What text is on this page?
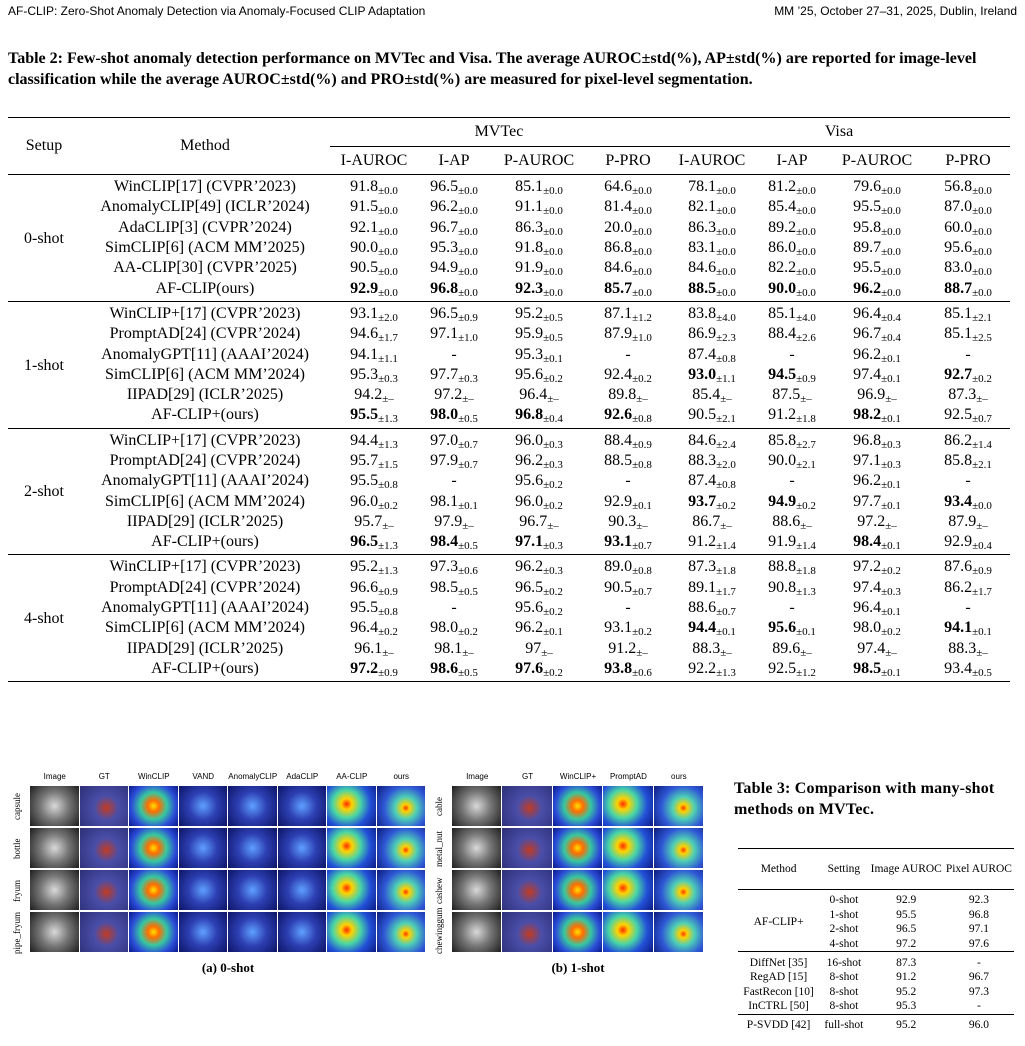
AF-CLIP: Zero-Shot Anomaly Detection via Anomaly-Focused CLIP Adaptation	MM ’25, October 27–31, 2025, Dublin, Ireland
Table 2: Few-shot anomaly detection performance on MVTec and Visa. The average AUROC±std(%), AP±std(%) are reported for image-level classification while the average AUROC±std(%) and PRO±std(%) are measured for pixel-level segmentation.
Setup	Method	MVTec				Visa			
		I-AUROC	I-AP	P-AUROC	P-PRO	I-AUROC	I-AP	P-AUROC	P-PRO
0-shot	WinCLIP[17] (CVPR’2023)	$91.8_{\pm 0.0}$	$96.5_{\pm 0.0}$	$85.1_{\pm 0.0}$	$64.6_{\pm 0.0}$	$78.1_{\pm 0.0}$	$81.2_{\pm 0.0}$	$79.6_{\pm 0.0}$	$56.8_{\pm 0.0}$
	AnomalyCLIP[49] (ICLR’2024)	$91.5_{\pm 0.0}$	$96.2_{\pm 0.0}$	$91.1_{\pm 0.0}$	$81.4_{\pm 0.0}$	$82.1_{\pm 0.0}$	$85.4_{\pm 0.0}$	$95.5_{\pm 0.0}$	$87.0_{\pm 0.0}$
	AdaCLIP[3] (CVPR’2024)	$92.1_{\pm 0.0}$	$96.7_{\pm 0.0}$	$86.3_{\pm 0.0}$	$20.0_{\pm 0.0}$	$86.3_{\pm 0.0}$	$89.2_{\pm 0.0}$	$95.8_{\pm 0.0}$	$60.0_{\pm 0.0}$
	SimCLIP[6] (ACM MM’2025)	$90.0_{\pm 0.0}$	$95.3_{\pm 0.0}$	$91.8_{\pm 0.0}$	$86.8_{\pm 0.0}$	$83.1_{\pm 0.0}$	$86.0_{\pm 0.0}$	$89.7_{\pm 0.0}$	$95.6_{\pm 0.0}$
	AA-CLIP[30] (CVPR’2025)	$90.5_{\pm 0.0}$	$94.9_{\pm 0.0}$	$91.9_{\pm 0.0}$	$84.6_{\pm 0.0}$	$84.6_{\pm 0.0}$	$82.2_{\pm 0.0}$	$95.5_{\pm 0.0}$	$83.0_{\pm 0.0}$
	AF-CLIP(ours)	$92.9_{\pm 0.0}$	$96.8_{\pm 0.0}$	$92.3_{\pm 0.0}$	$85.7_{\pm 0.0}$	$88.5_{\pm 0.0}$	$90.0_{\pm 0.0}$	$96.2_{\pm 0.0}$	$88.7_{\pm 0.0}$
1-shot	WinCLIP+[17] (CVPR’2023)	$93.1_{\pm 2.0}$	$96.5_{\pm 0.9}$	$95.2_{\pm 0.5}$	$87.1_{\pm 1.2}$	$83.8_{\pm 4.0}$	$85.1_{\pm 4.0}$	$96.4_{\pm 0.4}$	$85.1_{\pm 2.1}$
	PromptAD[24] (CVPR’2024)	$94.6_{\pm 1.7}$	$97.1_{\pm 1.0}$	$95.9_{\pm 0.5}$	$87.9_{\pm 1.0}$	$86.9_{\pm 2.3}$	$88.4_{\pm 2.6}$	$96.7_{\pm 0.4}$	$85.1_{\pm 2.5}$
	AnomalyGPT[11] (AAAI’2024)	$94.1_{\pm 1.1}$	-	$95.3_{\pm 0.1}$	-	$87.4_{\pm 0.8}$	-	$96.2_{\pm 0.1}$	-
	SimCLIP[6] (ACM MM’2024)	$95.3_{\pm 0.3}$	$97.7_{\pm 0.3}$	$95.6_{\pm 0.2}$	$92.4_{\pm 0.2}$	$93.0_{\pm 1.1}$	$94.5_{\pm 0.9}$	$97.4_{\pm 0.1}$	$92.7_{\pm 0.2}$
	IIPAD[29] (ICLR’2025)	$94.2_{\pm-}$	$97.2_{\pm-}$	$96.4_{\pm-}$	$89.8_{\pm-}$	$85.4_{\pm-}$	$87.5_{\pm-}$	$96.9_{\pm-}$	$87.3_{\pm-}$
	AF-CLIP+(ours)	$95.5_{\pm 1.3}$	$98.0_{\pm 0.5}$	$96.8_{\pm 0.4}$	$92.6_{\pm 0.8}$	$90.5_{\pm 2.1}$	$91.2_{\pm 1.8}$	$98.2_{\pm 0.1}$	$92.5_{\pm 0.7}$
2-shot	WinCLIP+[17] (CVPR’2023)	$94.4_{\pm 1.3}$	$97.0_{\pm 0.7}$	$96.0_{\pm 0.3}$	$88.4_{\pm 0.9}$	$84.6_{\pm 2.4}$	$85.8_{\pm 2.7}$	$96.8_{\pm 0.3}$	$86.2_{\pm 1.4}$
	PromptAD[24] (CVPR’2024)	$95.7_{\pm 1.5}$	$97.9_{\pm 0.7}$	$96.2_{\pm 0.3}$	$88.5_{\pm 0.8}$	$88.3_{\pm 2.0}$	$90.0_{\pm 2.1}$	$97.1_{\pm 0.3}$	$85.8_{\pm 2.1}$
	AnomalyGPT[11] (AAAI’2024)	$95.5_{\pm 0.8}$	-	$95.6_{\pm 0.2}$	-	$87.4_{\pm 0.8}$	-	$96.2_{\pm 0.1}$	-
	SimCLIP[6] (ACM MM’2024)	$96.0_{\pm 0.2}$	$98.1_{\pm 0.1}$	$96.0_{\pm 0.2}$	$92.9_{\pm 0.1}$	$93.7_{\pm 0.2}$	$94.9_{\pm 0.2}$	$97.7_{\pm 0.1}$	$93.4_{\pm 0.0}$
	IIPAD[29] (ICLR’2025)	$95.7_{\pm-}$	$97.9_{\pm-}$	$96.7_{\pm-}$	$90.3_{\pm-}$	$86.7_{\pm-}$	$88.6_{\pm-}$	$97.2_{\pm-}$	$87.9_{\pm-}$
	AF-CLIP+(ours)	$96.5_{\pm 1.3}$	$98.4_{\pm 0.5}$	$97.1_{\pm 0.3}$	$93.1_{\pm 0.7}$	$91.2_{\pm 1.4}$	$91.9_{\pm 1.4}$	$98.4_{\pm 0.1}$	$92.9_{\pm 0.4}$
4-shot	WinCLIP+[17] (CVPR’2023)	$95.2_{\pm 1.3}$	$97.3_{\pm 0.6}$	$96.2_{\pm 0.3}$	$89.0_{\pm 0.8}$	$87.3_{\pm 1.8}$	$88.8_{\pm 1.8}$	$97.2_{\pm 0.2}$	$87.6_{\pm 0.9}$
	PromptAD[24] (CVPR’2024)	$96.6_{\pm 0.9}$	$98.5_{\pm 0.5}$	$96.5_{\pm 0.2}$	$90.5_{\pm 0.7}$	$89.1_{\pm 1.7}$	$90.8_{\pm 1.3}$	$97.4_{\pm 0.3}$	$86.2_{\pm 1.7}$
	AnomalyGPT[11] (AAAI’2024)	$95.5_{\pm 0.8}$	-	$95.6_{\pm 0.2}$	-	$88.6_{\pm 0.7}$	-	$96.4_{\pm 0.1}$	-
	SimCLIP[6] (ACM MM’2024)	$96.4_{\pm 0.2}$	$98.0_{\pm 0.2}$	$96.2_{\pm 0.1}$	$93.1_{\pm 0.2}$	$94.4_{\pm 0.1}$	$95.6_{\pm 0.1}$	$98.0_{\pm 0.2}$	$94.1_{\pm 0.1}$
	IIPAD[29] (ICLR’2025)	$96.1_{\pm-}$	$98.1_{\pm-}$	$97_{\pm-}$	$91.2_{\pm-}$	$88.3_{\pm-}$	$89.6_{\pm-}$	$97.4_{\pm-}$	$88.3_{\pm-}$
	AF-CLIP+(ours)	$97.2_{\pm 0.9}$	$98.6_{\pm 0.5}$	$97.6_{\pm 0.2}$	$93.8_{\pm 0.6}$	$92.2_{\pm 1.3}$	$92.5_{\pm 1.2}$	$98.5_{\pm 0.1}$	$93.4_{\pm 0.5}$
Image	GT	WinCLIP	VAND	AnomalyCLIP	AdaCLIP	AA-CLIP	ours
capsule
bottle
fryum
pipe_fryum
(a) 0-shot
Image	GT	WinCLIP+	PromptAD	ours
cable
metal_nut
cashew
chewinggum
(b) 1-shot
Table 3: Comparison with many-shot methods on MVTec.
Method	Setting	Image AUROC	Pixel AUROC
AF-CLIP+	0-shot	92.9	92.3
	1-shot	95.5	96.8
	2-shot	96.5	97.1
	4-shot	97.2	97.6
DiffNet [35]	16-shot	87.3	-
RegAD [15]	8-shot	91.2	96.7
FastRecon [10]	8-shot	95.2	97.3
InCTRL [50]	8-shot	95.3	-
P-SVDD [42]	full-shot	95.2	96.0
